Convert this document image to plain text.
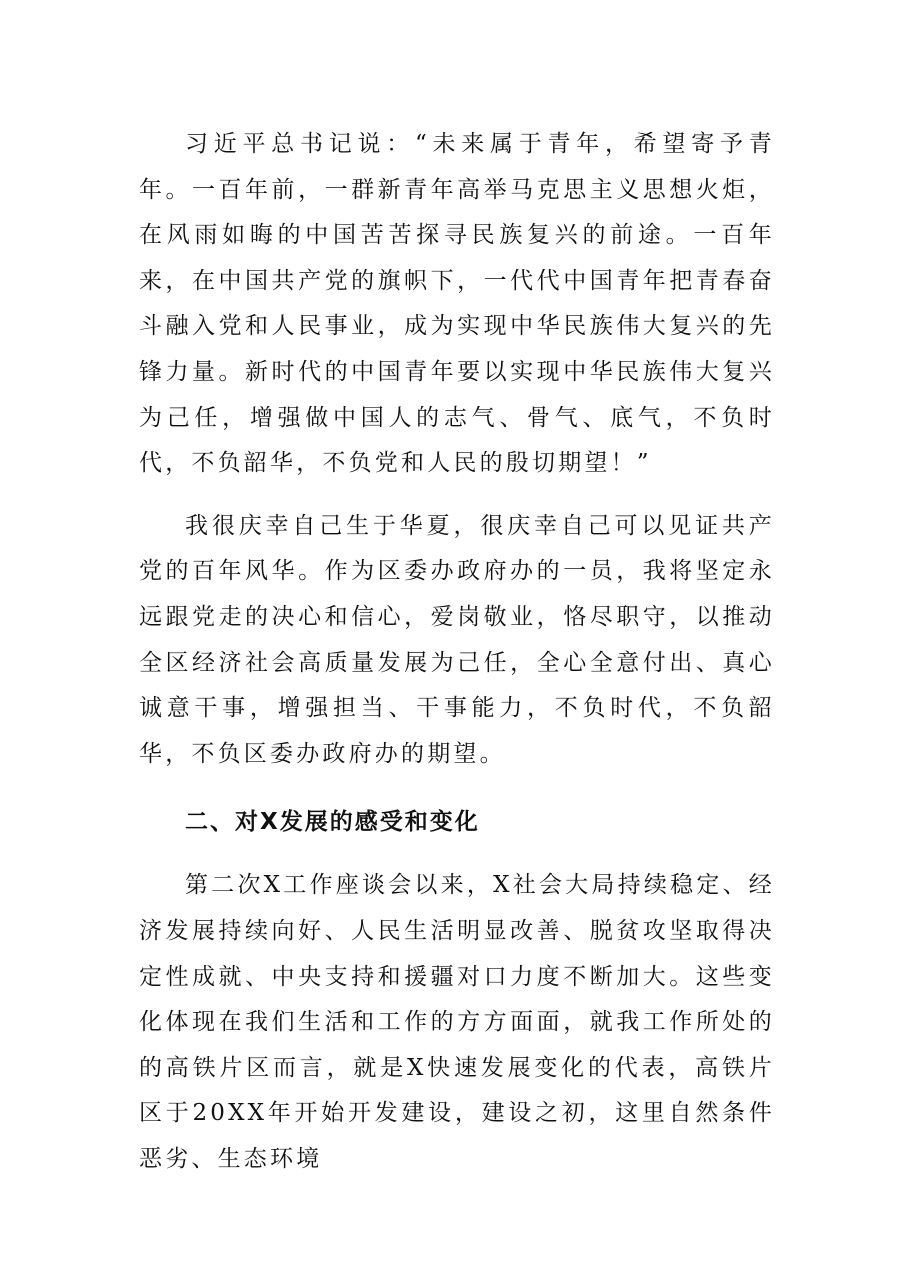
习近平总书记说：“未来属于青年，希望寄予青年。一百年前，一群新青年高举马克思主义思想火炬，在风雨如晦的中国苦苦探寻民族复兴的前途。一百年来，在中国共产党的旗帜下，一代代中国青年把青春奋斗融入党和人民事业，成为实现中华民族伟大复兴的先锋力量。新时代的中国青年要以实现中华民族伟大复兴为己任，增强做中国人的志气、骨气、底气，不负时代，不负韶华，不负党和人民的殷切期望！”

我很庆幸自己生于华夏，很庆幸自己可以见证共产党的百年风华。作为区委办政府办的一员，我将坚定永远跟党走的决心和信心，爱岗敬业，恪尽职守，以推动全区经济社会高质量发展为己任，全心全意付出、真心诚意干事，增强担当、干事能力，不负时代，不负韶华，不负区委办政府办的期望。

二、对X发展的感受和变化

第二次X工作座谈会以来，X社会大局持续稳定、经济发展持续向好、人民生活明显改善、脱贫攻坚取得决定性成就、中央支持和援疆对口力度不断加大。这些变化体现在我们生活和工作的方方面面，就我工作所处的的高铁片区而言，就是X快速发展变化的代表，高铁片区于20XX年开始开发建设，建设之初，这里自然条件恶劣、生态环境
